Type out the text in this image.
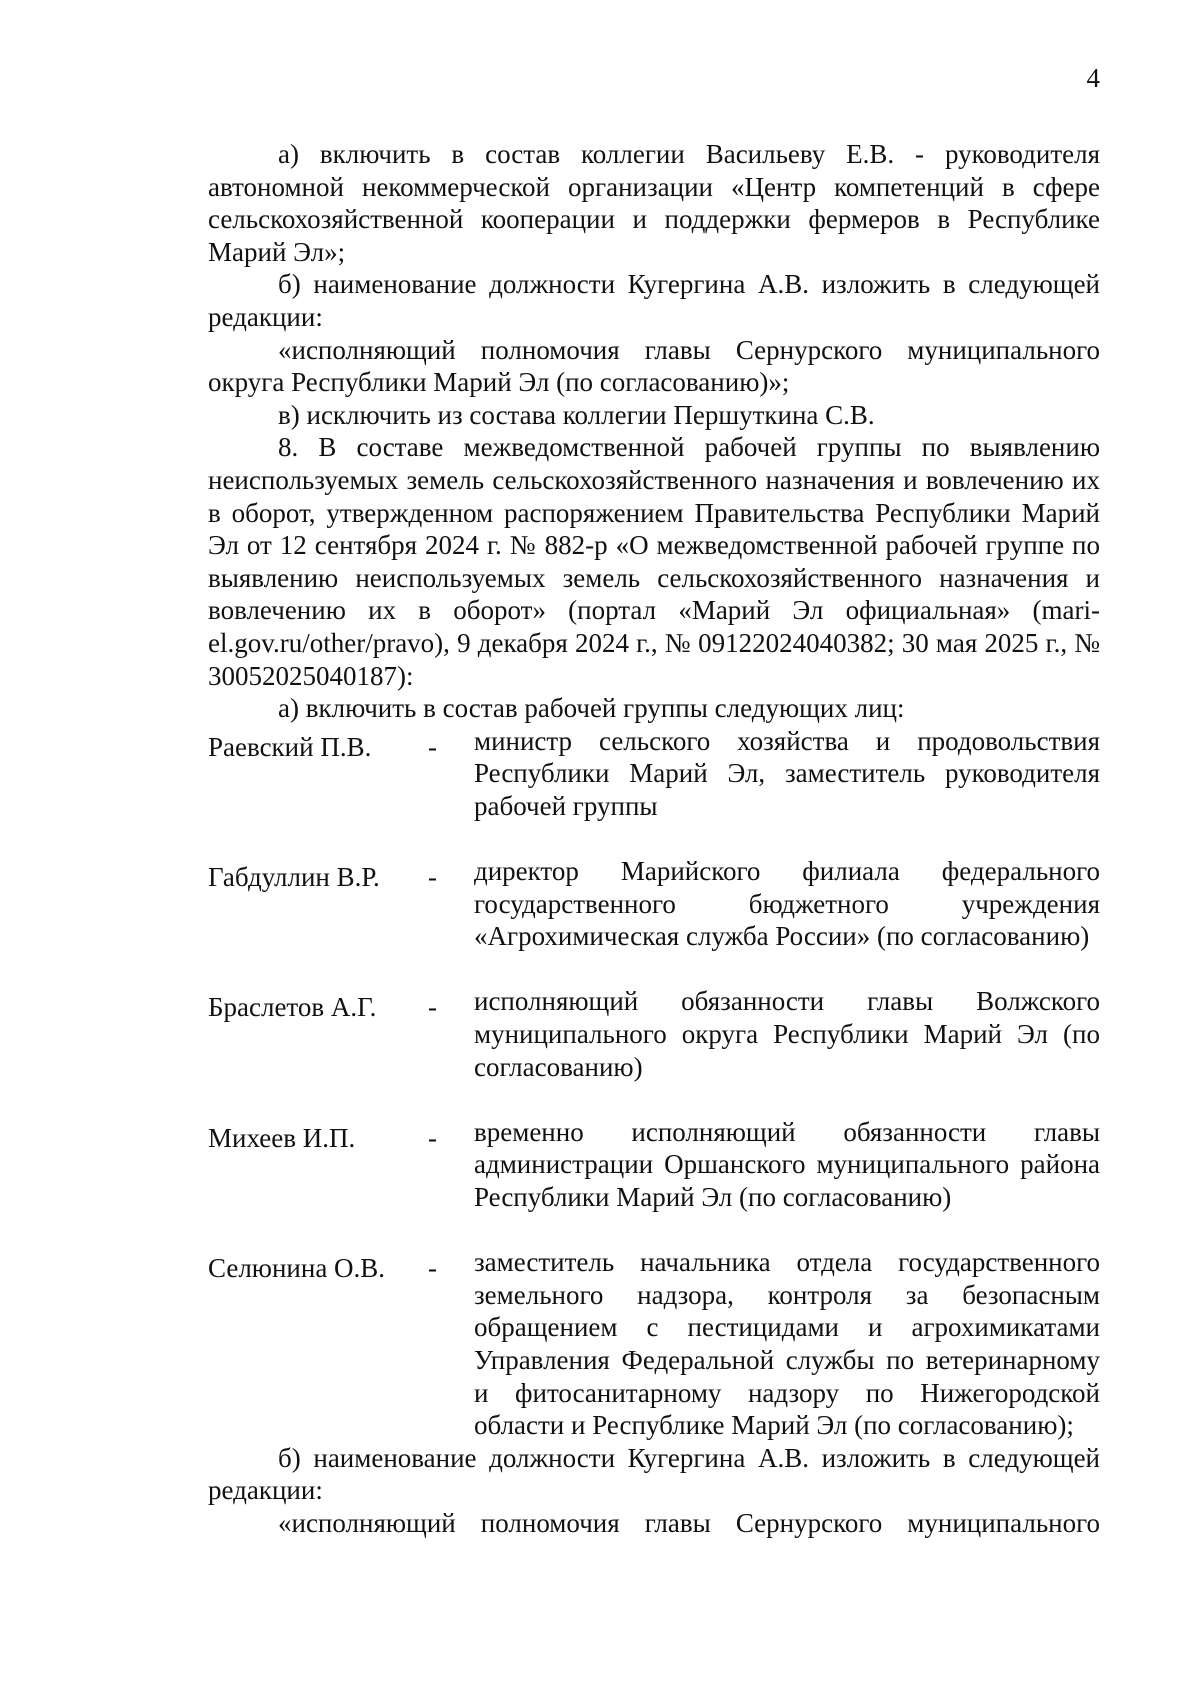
4

а) включить в состав коллегии Васильеву Е.В. - руководителя автономной некоммерческой организации «Центр компетенций в сфере сельскохозяйственной кооперации и поддержки фермеров в Республике Марий Эл»;

б) наименование должности Кугергина А.В. изложить в следующей редакции:

«исполняющий полномочия главы Сернурского муниципального округа Республики Марий Эл (по согласованию)»;

в) исключить из состава коллегии Першуткина С.В.

8. В составе межведомственной рабочей группы по выявлению неиспользуемых земель сельскохозяйственного назначения и вовлечению их в оборот, утвержденном распоряжением Правительства Республики Марий Эл от 12 сентября 2024 г. № 882-р «О межведомственной рабочей группе по выявлению неиспользуемых земель сельскохозяйственного назначения и вовлечению их в оборот» (портал «Марий Эл официальная» (mari-el.gov.ru/other/pravo), 9 декабря 2024 г., № 09122024040382; 30 мая 2025 г., № 30052025040187):

а) включить в состав рабочей группы следующих лиц:

Раевский П.В.	-	министр сельского хозяйства и продовольствия Республики Марий Эл, заместитель руководителя рабочей группы
Габдуллин В.Р.	-	директор Марийского филиала федерального государственного бюджетного учреждения «Агрохимическая служба России» (по согласованию)
Браслетов А.Г.	-	исполняющий обязанности главы Волжского муниципального округа Республики Марий Эл (по согласованию)
Михеев И.П.	-	временно исполняющий обязанности главы администрации Оршанского муниципального района Республики Марий Эл (по согласованию)
Селюнина О.В.	-	заместитель начальника отдела государственного земельного надзора, контроля за безопасным обращением с пестицидами и агрохимикатами Управления Федеральной службы по ветеринарному и фитосанитарному надзору по Нижегородской области и Республике Марий Эл (по согласованию);

б) наименование должности Кугергина А.В. изложить в следующей редакции:

«исполняющий полномочия главы Сернурского муниципального
